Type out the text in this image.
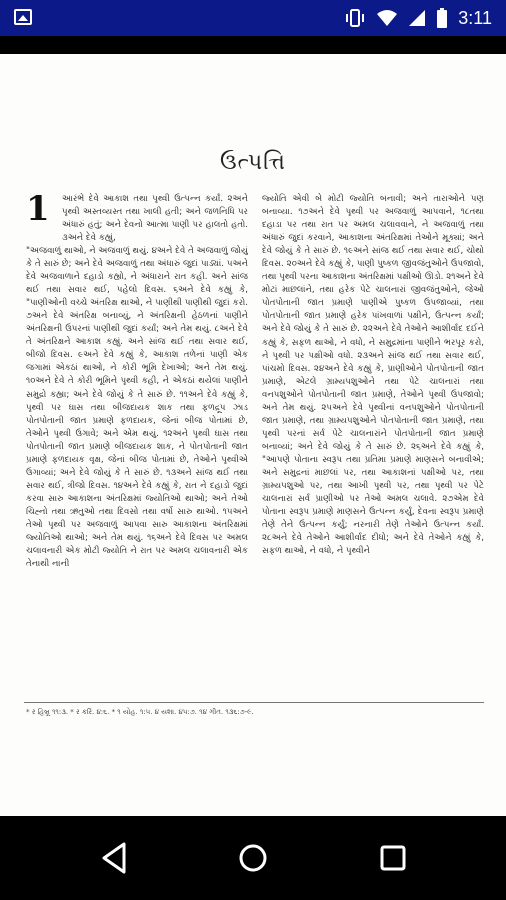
3:11
ઉત્પત્તિ
1 આરંભે દેવે આકાશ તથા પૃથ્વી ઉત્પન્ન કર્યાં. ૨અને પૃથ્વી અસ્તવ્યસ્ત તથા ખાલી હતી; અને જળનિધિ પર અંધારું હતું; અને દેવનો આત્મા પાણી પર હાલતો હતો. ૩અને દેવે કહ્યું,

"અજવાળું થાઓ, ને અજવાળું થયું. ૪અને દેવે તે અજવાળું જોયું કે તે સારું છે; અને દેવે અજવાળું તથા અંધારું જુદાં પાડ્યાં. ૫અને દેવે અજવાળાને દહાડો કહ્યો, ને અંધારાને રાત કહી. અને સાંજ થઈ તથા સવાર થઈ, પહેલો દિવસ. ૬અને દેવે કહ્યું કે, "પાણીઓની વચ્ચે અંતરિક્ષ થાઓ, ને પાણીથી પાણીથી જુદાં કરો. ૭અને દેવે અંતરિક્ષ બનાવ્યું, ને અંતરિક્ષની હેઠળનાં પાણીને અંતરિક્ષની ઉપરનાં પાણીથી જુદાં કર્યાં; અને તેમ થયું. ૮અને દેવે તે અંતરિક્ષને આકાશ કહ્યું. અને સાંજ થઈ તથા સવાર થઈ, બીજો દિવસ. ૯અને દેવે કહ્યું કે, આકાશ તળેનાં પાણી એક જગામાં એકઠાં થાઓ, ને કોરી ભૂમિ દેખાઓ; અને તેમ થયું. ૧૦અને દેવે તે કોરી ભૂમિને પૃથ્વી કહી, ને એકઠાં થયેલાં પાણીને સમુદ્રો કહ્યા; અને દેવે જોયું કે તે સારું છે. ૧૧અને દેવે કહ્યું કે, પૃથ્વી પર ઘાસ તથા બીજદાયક શાક તથા ફળદ્રૂપ ઝાડ પોતપોતાની જાત પ્રમાણે ફળદાયક, જેનાં બીજ પોતામાં છે, તેઓને પૃથ્વી ઉગાવે; અને એમ થયું. ૧૨અને પૃથ્વી ઘાસ તથા પોતપોતાની જાત પ્રમાણે બીજદાયક શાક, ને પોતપોતાની જાત પ્રમાણે ફળદાયક વૃક્ષ, જેનાં બીજ પોતામાં છે, તેઓને પૃથ્વીએ ઉગાવ્યાં; અને દેવે જોયું કે તે સારું છે. ૧૩અને સાંજ થઈ તથા સવાર થઈ, ત્રીજો દિવસ. ૧૪અને દેવે કહ્યું કે, રાત ને દહાડો જુદાં કરવા સારુ આકાશના અંતરિક્ષમાં જ્યોતિઓ થાઓ; અને તેઓ ચિહ્નો તથા ઋતુઓ તથા દિવસો તથા વર્ષો સારુ થાઓ. ૧૫અને તેઓ પૃથ્વી પર અજવાળું આપવા સારુ આકાશના અંતરિક્ષમાં જ્યોતિઓ થાઓ; અને તેમ થયું. ૧૬અને દેવે દિવસ પર અમલ ચલાવનારી એક મોટી જ્યોતિ ને રાત પર અમલ ચલાવનારી એક તેનાથી નાની

જ્યોતિ એવી બે મોટી જ્યોતિ બનાવી; અને તારાઓને પણ બનાવ્યા. ૧૭અને દેવે પૃથ્વી પર અજવાળું આપવાને, ૧૮તથા દહાડા પર તથા રાત પર અમલ ચલાવવાને, ને અજવાળું તથા અંધારું જુદાં કરવાને, આકાશના અંતરિક્ષમાં તેઓને મૂક્યાં; અને દેવે જોયું કે તે સારું છે. ૧૯અને સાંજ થઈ તથા સવાર થઈ, ચોથો દિવસ. ૨૦અને દેવે કહ્યું કે, પાણી પુષ્કળ જીવજંતુઓને ઉપજાવો, તથા પૃથ્વી પરના આકાશના અંતરિક્ષમાં પક્ષીઓ ઊડો. ૨૧અને દેવે મોટાં માછલાંને, તથા હરેક પેટે ચાલનારાં જીવજંતુઓને, જેઓ પોતપોતાની જાત પ્રમાણે પાણીએ પુષ્કળ ઉપજાવ્યાં, તથા પોતપોતાની જાત પ્રમાણે હરેક પાંખવાળાં પક્ષીને, ઉત્પન્ન કર્યાં; અને દેવે જોયું કે તે સારું છે. ૨૨અને દેવે તેઓને આશીર્વાદ દઈને કહ્યું કે, સફળ થાઓ, ને વધો, ને સમુદ્રમાંના પાણીને ભરપૂર કરો, ને પૃથ્વી પર પક્ષીઓ વધો. ૨૩અને સાંજ થઈ તથા સવાર થઈ, પાંચમો દિવસ. ૨૪અને દેવે કહ્યું કે, પ્રાણીઓને પોતપોતાની જાત પ્રમાણે, એટલે ગ્રામ્યપશુઓને તથા પેટે ચાલનારાં તથા વનપશુઓને પોતપોતાની જાત પ્રમાણે, તેઓને પૃથ્વી ઉપજાવો; અને તેમ થયું. ૨૫અને દેવે પૃથ્વીનાં વનપશુઓને પોતપોતાની જાત પ્રમાણે, તથા ગ્રામ્યપશુઓને પોતપોતાની જાત પ્રમાણે, તથા પૃથ્વી પરનાં સર્વ પેટે ચાલનારાંને પોતપોતાની જાત પ્રમાણે બનાવ્યાં; અને દેવે જોયું કે તે સારું છે. ૨૬અને દેવે કહ્યું કે, "આપણે પોતાના સ્વરૂપ તથા પ્રતિમા પ્રમાણે માણસને બનાવીએ; અને સમુદ્રનાં માછલાં પર, તથા આકાશનાં પક્ષીઓ પર, તથા ગ્રામ્યપશુઓ પર, તથા આખી પૃથ્વી પર, તથા પૃથ્વી પર પેટે ચાલનારાં સર્વ પ્રાણીઓ પર તેઓ અમલ ચલાવે. ૨૭એમ દેવે પોતાના સ્વરૂપ પ્રમાણે માણસને ઉત્પન્ન કર્યું, દેવના સ્વરૂપ પ્રમાણે તેણે તેને ઉત્પન્ન કર્યું; નરનારી તેણે તેઓને ઉત્પન્ન કર્યાં. ૨૮અને દેવે તેઓને આશીર્વાદ દીધો; અને દેવે તેઓને કહ્યું કે, સફળ થાઓ, ને વધો, ને પૃથ્વીને

* ર હિબ્રૂ ૧૧:૩. * ર કરિં. ૪:૬. * ૧ યોહ. ૧:૫. ૪ યશા. ૪૫:૭. ૧૪ ગીત. ૧૩૬:૭-૯.
